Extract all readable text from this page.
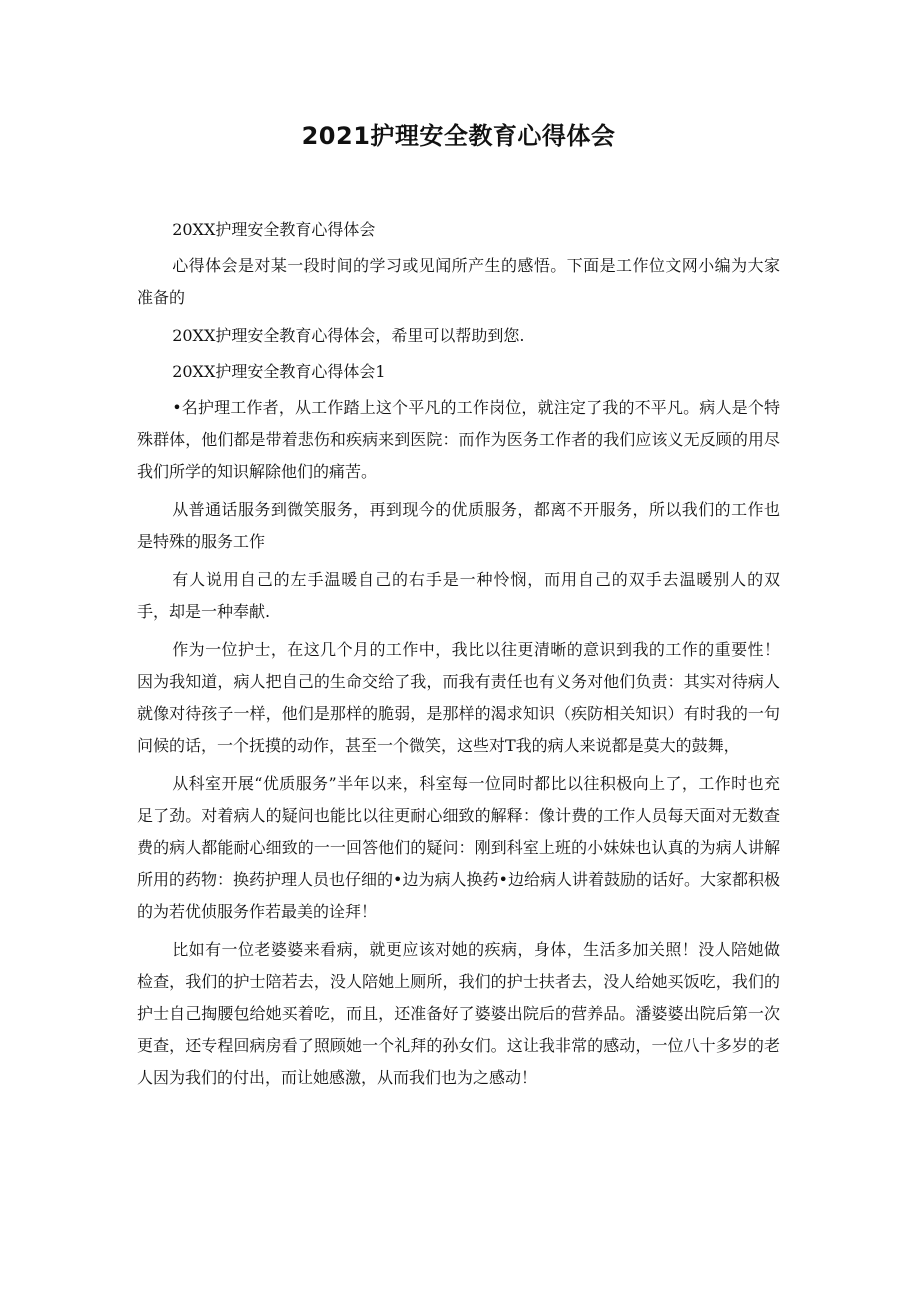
2021护理安全教育心得体会

20XX护理安全教育心得体会

心得体会是对某一段时间的学习或见闻所产生的感悟。下面是工作位文网小编为大家准备的

20XX护理安全教育心得体会，希里可以帮助到您.

20XX护理安全教育心得体会1

•名护理工作者，从工作踏上这个平凡的工作岗位，就注定了我的不平凡。病人是个特殊群体，他们都是带着悲伤和疾病来到医院：而作为医务工作者的我们应该义无反顾的用尽我们所学的知识解除他们的痛苦。

从普通话服务到微笑服务，再到现今的优质服务，都离不开服务，所以我们的工作也是特殊的服务工作

有人说用自己的左手温暖自己的右手是一种怜悯，而用自己的双手去温暖别人的双手，却是一种奉献.

作为一位护士，在这几个月的工作中，我比以往更清晰的意识到我的工作的重要性！因为我知道，病人把自己的生命交给了我，而我有责任也有义务对他们负责：其实对待病人就像对待孩子一样，他们是那样的脆弱，是那样的渴求知识（疾防相关知识）有时我的一句问候的话，一个抚摸的动作，甚至一个微笑，这些对T我的病人来说都是莫大的鼓舞，

从科室开展“优质服务”半年以来，科室每一位同时都比以往积极向上了，工作时也充足了劲。对着病人的疑问也能比以往更耐心细致的解释：像计费的工作人员每天面对无数查费的病人都能耐心细致的一一回答他们的疑问：刚到科室上班的小妹妹也认真的为病人讲解所用的药物：换药护理人员也仔细的•边为病人换药•边给病人讲着鼓励的话好。大家都积极的为若优侦服务作若最美的诠拜！

比如有一位老婆婆来看病，就更应该对她的疾病，身体，生活多加关照！没人陪她做检查，我们的护士陪若去，没人陪她上厕所，我们的护士扶者去，没人给她买饭吃，我们的护士自己掏腰包给她买着吃，而且，还准备好了婆婆出院后的营养品。潘婆婆出院后第一次更查，还专程回病房看了照顾她一个礼拜的孙女们。这让我非常的感动，一位八十多岁的老人因为我们的付出，而让她感激，从而我们也为之感动！
